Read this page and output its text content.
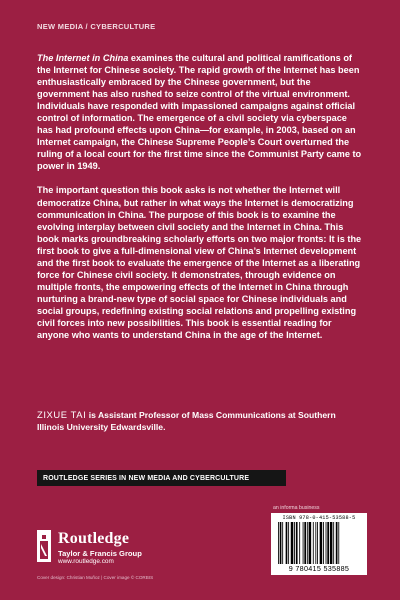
NEW MEDIA / CYBERCULTURE

The Internet in China examines the cultural and political ramifications of the Internet for Chinese society. The rapid growth of the Internet has been enthusiastically embraced by the Chinese government, but the government has also rushed to seize control of the virtual environment. Individuals have responded with impassioned campaigns against official control of information. The emergence of a civil society via cyberspace has had profound effects upon China—for example, in 2003, based on an Internet campaign, the Chinese Supreme People’s Court overturned the ruling of a local court for the first time since the Communist Party came to power in 1949.

The important question this book asks is not whether the Internet will democratize China, but rather in what ways the Internet is democratizing communication in China. The purpose of this book is to examine the evolving interplay between civil society and the Internet in China. This book marks groundbreaking scholarly efforts on two major fronts: It is the first book to give a full-dimensional view of China’s Internet development and the first book to evaluate the emergence of the Internet as a liberating force for Chinese civil society. It demonstrates, through evidence on multiple fronts, the empowering effects of the Internet in China through nurturing a brand-new type of social space for Chinese individuals and social groups, redefining existing social relations and propelling existing civil forces into new possibilities. This book is essential reading for anyone who wants to understand China in the age of the Internet.

ZIXUE TAI is Assistant Professor of Mass Communications at Southern Illinois University Edwardsville.
ROUTLEDGE SERIES IN NEW MEDIA AND CYBERCULTURE
Routledge
Taylor & Francis Group
www.routledge.com
Cover design: Christian Muñoz | Cover image © CORBIS
an informa business
ISBN 978-0-415-53588-5
9 780415 535885
